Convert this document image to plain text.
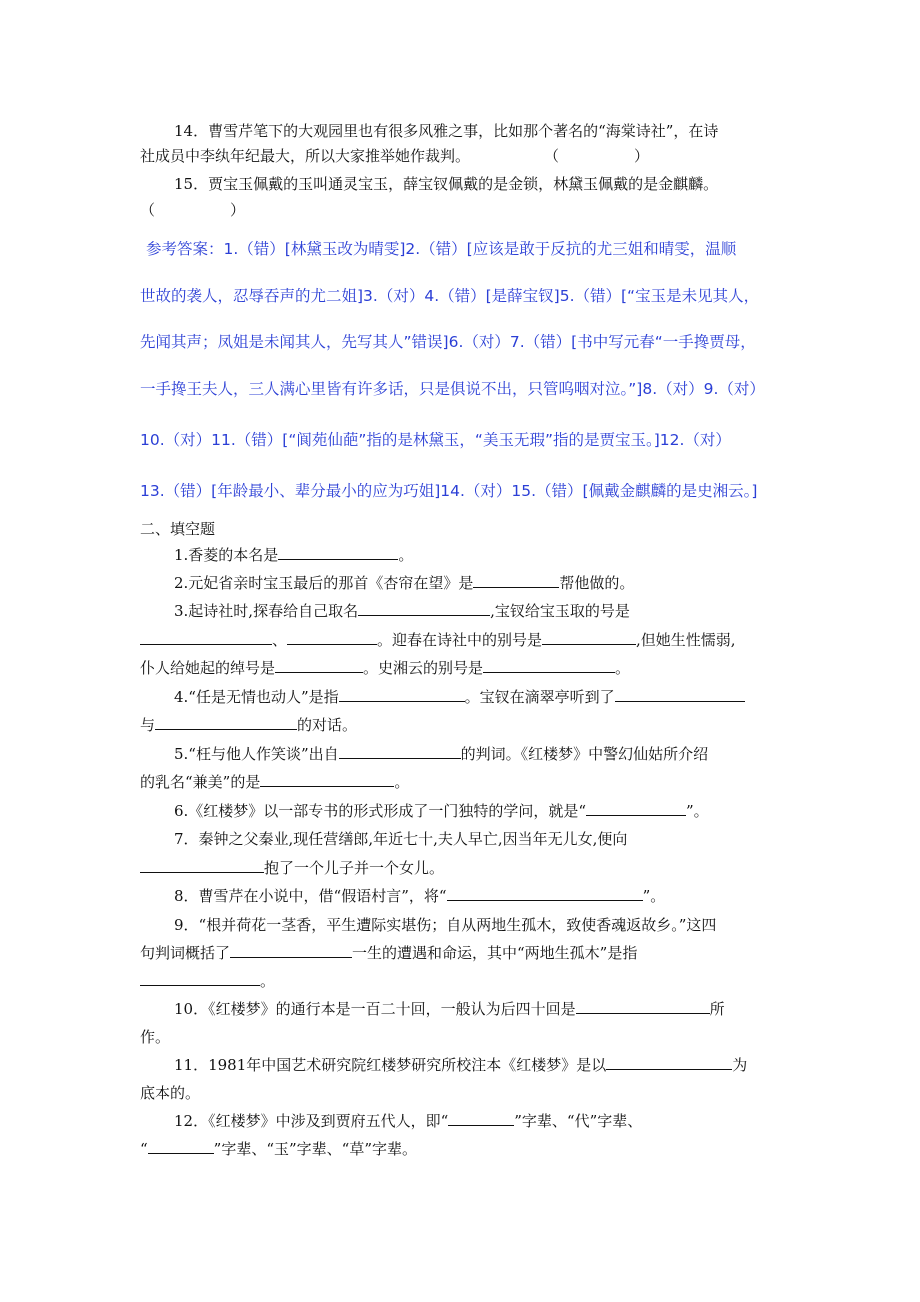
14．曹雪芹笔下的大观园里也有很多风雅之事，比如那个著名的“海棠诗社”，在诗
社成员中李纨年纪最大，所以大家推举她作裁判。	（　　　　　）
15．贾宝玉佩戴的玉叫通灵宝玉，薛宝钗佩戴的是金锁，林黛玉佩戴的是金麒麟。
（　　　　　）
参考答案：1.（错）[林黛玉改为晴雯]2.（错）[应该是敢于反抗的尤三姐和晴雯，温顺
世故的袭人，忍辱吞声的尤二姐]3.（对）4.（错）[是薛宝钗]5.（错）[“宝玉是未见其人，
先闻其声；凤姐是未闻其人，先写其人”错误]6.（对）7.（错）[书中写元春“一手搀贾母，
一手搀王夫人，三人满心里皆有许多话，只是俱说不出，只管呜咽对泣。”]8.（对）9.（对）
10.（对）11.（错）[“阆苑仙葩”指的是林黛玉，“美玉无瑕”指的是贾宝玉。]12.（对）
13.（错）[年龄最小、辈分最小的应为巧姐]14.（对）15.（错）[佩戴金麒麟的是史湘云。]
二、填空题
1.香菱的本名是	。
2.元妃省亲时宝玉最后的那首《杏帘在望》是	帮他做的。
3.起诗社时,探春给自己取名	,宝钗给宝玉取的号是
、	。迎春在诗社中的别号是	,但她生性懦弱,
仆人给她起的绰号是	。史湘云的别号是	。
4.“任是无情也动人”是指	。宝钗在滴翠亭听到了
与	的对话。
5.“枉与他人作笑谈”出自	的判词。《红楼梦》中警幻仙姑所介绍
的乳名“兼美”的是	。
6.《红楼梦》以一部专书的形式形成了一门独特的学问，就是“	”。
7．秦钟之父秦业,现任营缮郎,年近七十,夫人早亡,因当年无儿女,便向
抱了一个儿子并一个女儿。
8．曹雪芹在小说中，借“假语村言”，将“	”。
9．“根并荷花一茎香，平生遭际实堪伤；自从两地生孤木，致使香魂返故乡。”这四
句判词概括了	一生的遭遇和命运，其中“两地生孤木”是指
。
10．《红楼梦》的通行本是一百二十回，一般认为后四十回是	所
作。
11．1981年中国艺术研究院红楼梦研究所校注本《红楼梦》是以	为
底本的。
12．《红楼梦》中涉及到贾府五代人，即“	”字辈、“代”字辈、
“	”字辈、“玉”字辈、“草”字辈。
